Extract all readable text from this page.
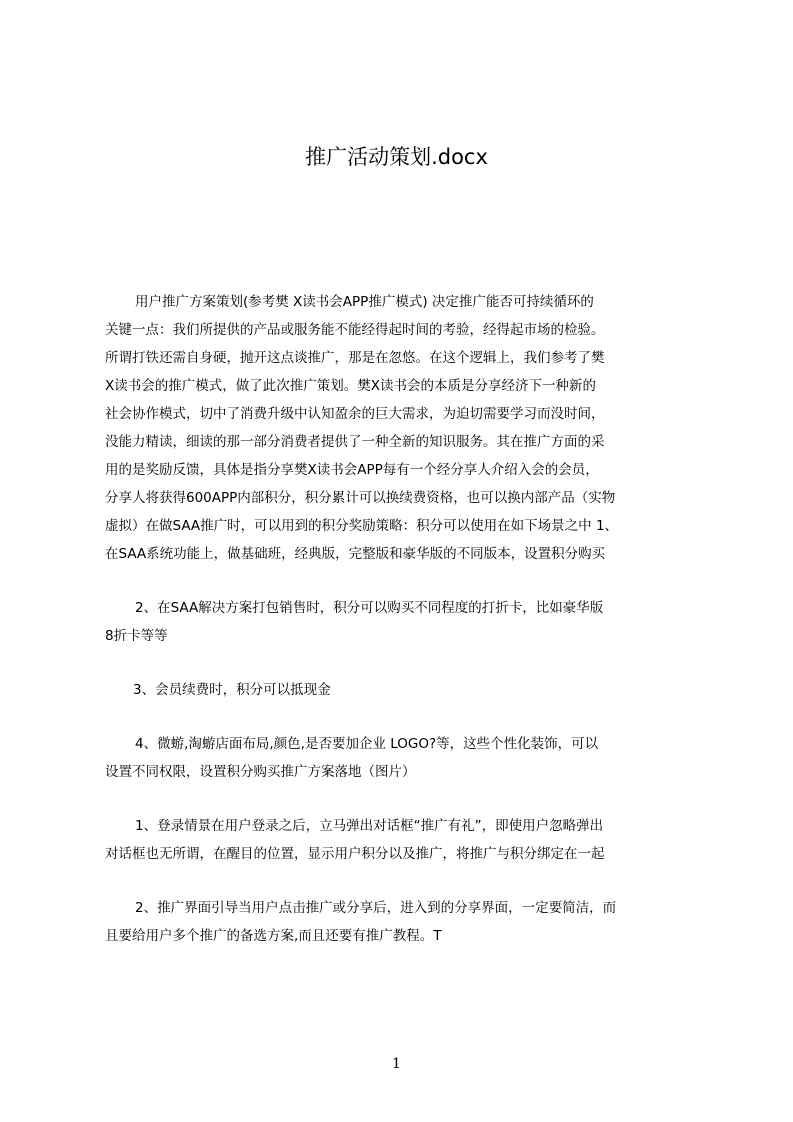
推广活动策划.docx
用户推广方案策划(参考樊 X读书会APP推广模式) 决定推广能否可持续循环的
关键一点：我们所提供的产品或服务能不能经得起时间的考验，经得起市场的检验。
所谓打铁还需自身硬，抛开这点谈推广，那是在忽悠。在这个逻辑上，我们参考了樊
X读书会的推广模式，做了此次推广策划。樊X读书会的本质是分享经济下一种新的
社会协作模式，切中了消费升级中认知盈余的巨大需求，为迫切需要学习而没时间，
没能力精读，细读的那一部分消费者提供了一种全新的知识服务。其在推广方面的采
用的是奖励反馈，具体是指分享樊X读书会APP每有一个经分享人介绍入会的会员，
分享人将获得600APP内部积分，积分累计可以换续费资格，也可以换内部产品（实物
虚拟）在做SAA推广时，可以用到的积分奖励策略：积分可以使用在如下场景之中 1、
在SAA系统功能上，做基础班，经典版，完整版和豪华版的不同版本，设置积分购买
2、在SAA解决方案打包销售时，积分可以购买不同程度的打折卡，比如豪华版
8折卡等等
3、会员续费时，积分可以抵现金
4、微蝣,淘蝣店面布局,颜色,是否要加企业 LOGO?等，这些个性化装饰，可以
设置不同权限，设置积分购买推广方案落地（图片）
1、登录情景在用户登录之后，立马弹出对话框“推广有礼”，即使用户忽略弹出
对话框也无所谓，在醒目的位置，显示用户积分以及推广，将推广与积分绑定在一起
2、推广界面引导当用户点击推广或分享后，进入到的分享界面，一定要简洁，而
且要给用户多个推广的备选方案,而且还要有推广教程。T
1
